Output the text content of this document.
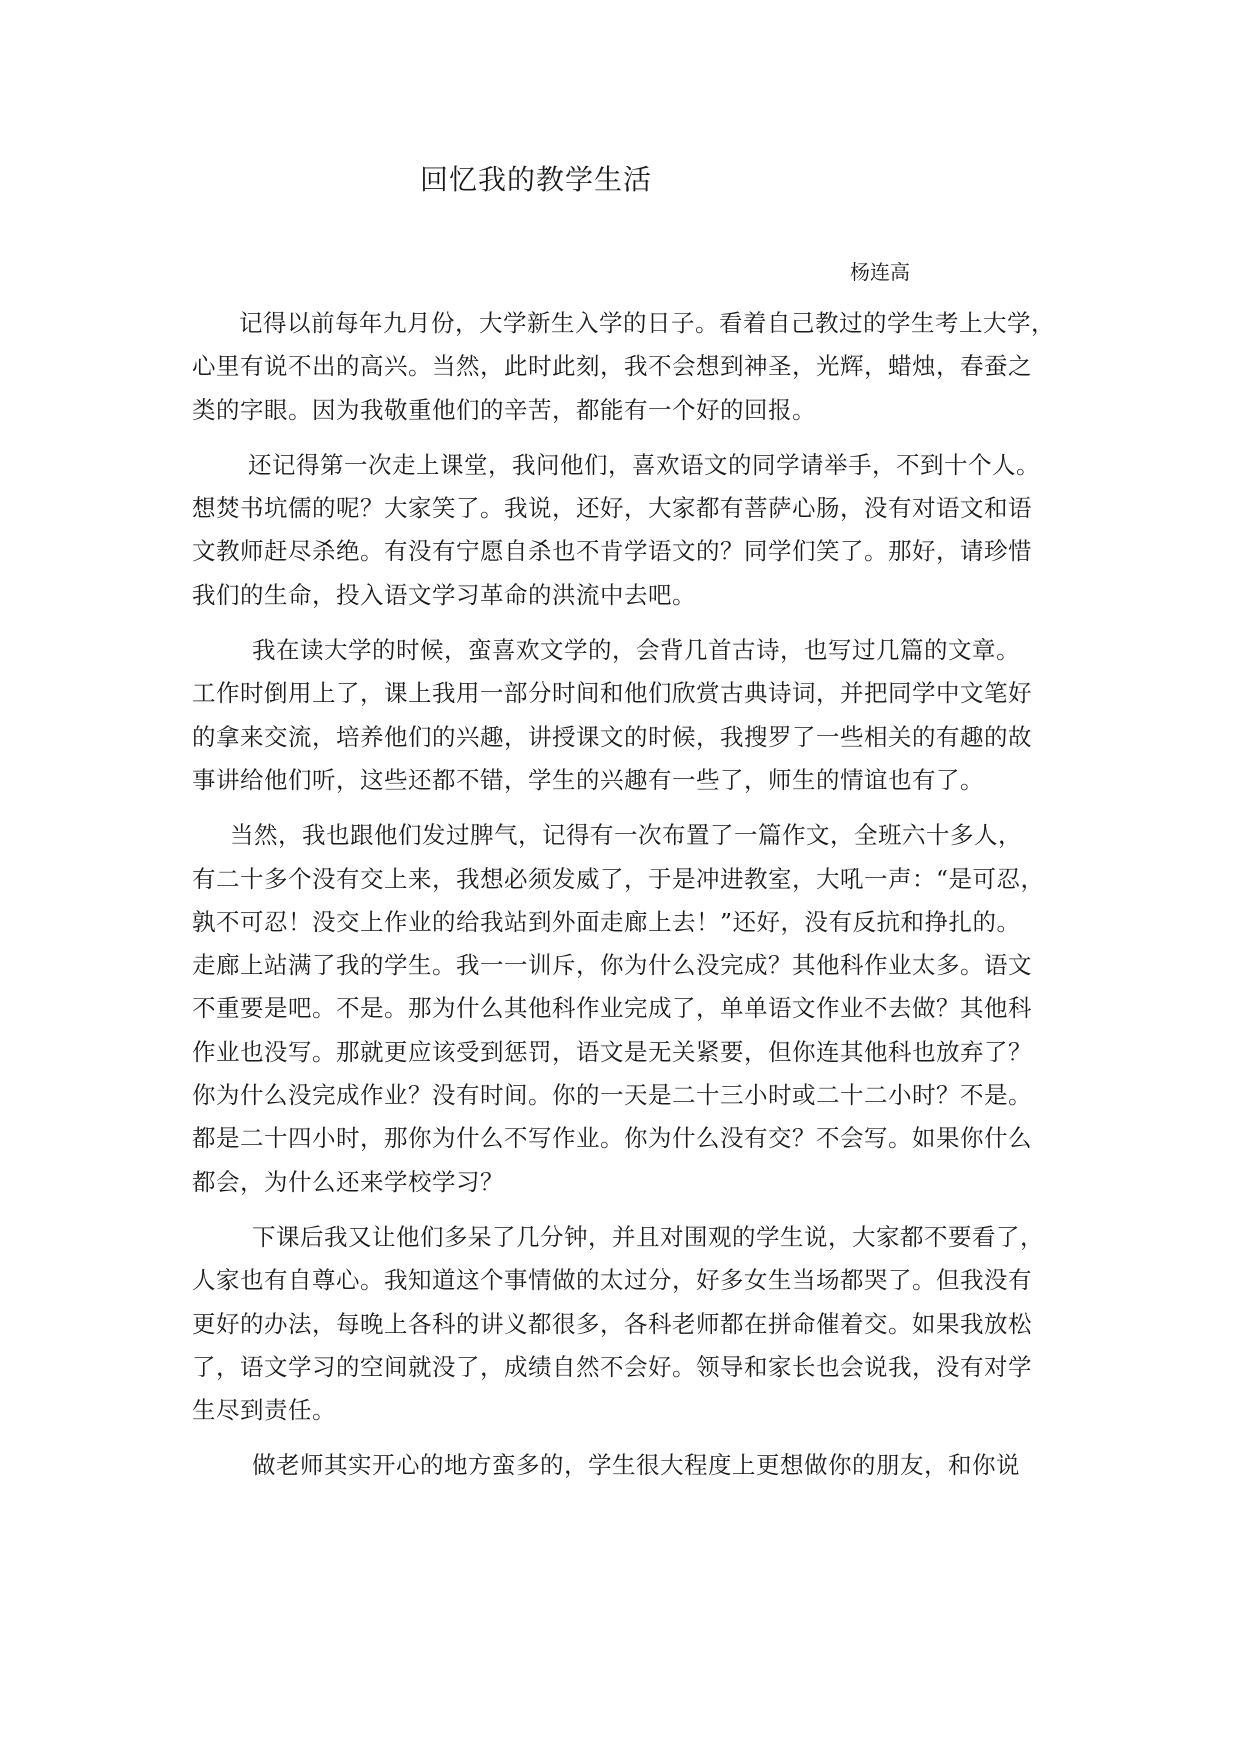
回忆我的教学生活

杨连高

记得以前每年九月份，大学新生入学的日子。看着自己教过的学生考上大学，
心里有说不出的高兴。当然，此时此刻，我不会想到神圣，光辉，蜡烛，春蚕之
类的字眼。因为我敬重他们的辛苦，都能有一个好的回报。
还记得第一次走上课堂，我问他们，喜欢语文的同学请举手，不到十个人。
想焚书坑儒的呢？大家笑了。我说，还好，大家都有菩萨心肠，没有对语文和语
文教师赶尽杀绝。有没有宁愿自杀也不肯学语文的？同学们笑了。那好，请珍惜
我们的生命，投入语文学习革命的洪流中去吧。
我在读大学的时候，蛮喜欢文学的，会背几首古诗，也写过几篇的文章。
工作时倒用上了，课上我用一部分时间和他们欣赏古典诗词，并把同学中文笔好
的拿来交流，培养他们的兴趣，讲授课文的时候，我搜罗了一些相关的有趣的故
事讲给他们听，这些还都不错，学生的兴趣有一些了，师生的情谊也有了。
当然，我也跟他们发过脾气，记得有一次布置了一篇作文，全班六十多人，
有二十多个没有交上来，我想必须发威了，于是冲进教室，大吼一声：“是可忍，
孰不可忍！没交上作业的给我站到外面走廊上去！”还好，没有反抗和挣扎的。
走廊上站满了我的学生。我一一训斥，你为什么没完成？其他科作业太多。语文
不重要是吧。不是。那为什么其他科作业完成了，单单语文作业不去做？其他科
作业也没写。那就更应该受到惩罚，语文是无关紧要，但你连其他科也放弃了？
你为什么没完成作业？没有时间。你的一天是二十三小时或二十二小时？不是。
都是二十四小时，那你为什么不写作业。你为什么没有交？不会写。如果你什么
都会，为什么还来学校学习？
下课后我又让他们多呆了几分钟，并且对围观的学生说，大家都不要看了，
人家也有自尊心。我知道这个事情做的太过分，好多女生当场都哭了。但我没有
更好的办法，每晚上各科的讲义都很多，各科老师都在拼命催着交。如果我放松
了，语文学习的空间就没了，成绩自然不会好。领导和家长也会说我，没有对学
生尽到责任。
做老师其实开心的地方蛮多的，学生很大程度上更想做你的朋友，和你说
